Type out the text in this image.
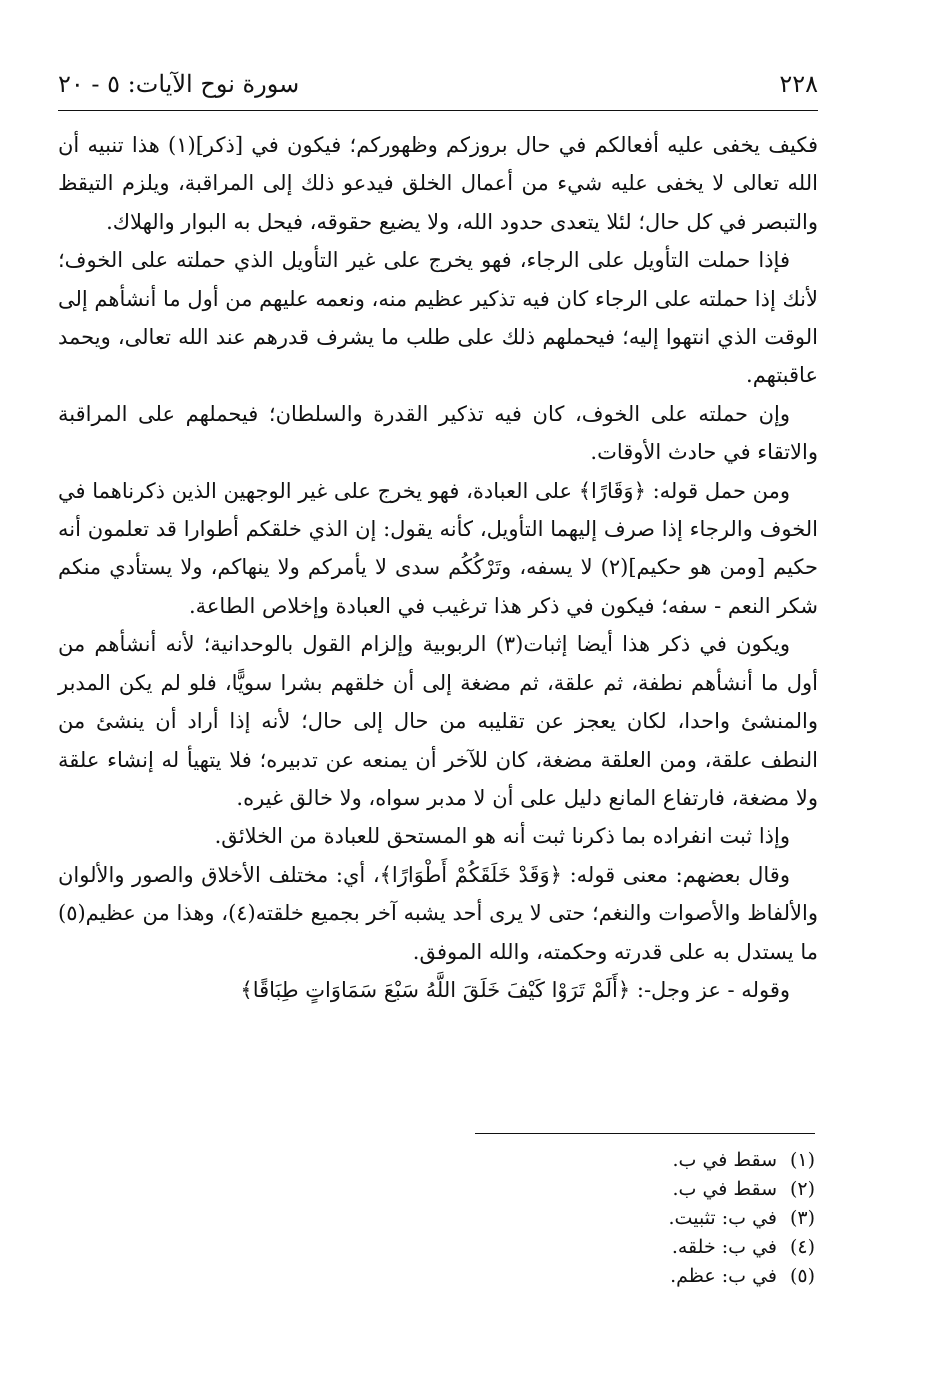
٢٢٨
سورة نوح الآيات: ٥ - ٢٠

فكيف يخفى عليه أفعالكم في حال بروزكم وظهوركم؛ فيكون في [ذكر](١) هذا تنبيه أن الله تعالى لا يخفى عليه شيء من أعمال الخلق فيدعو ذلك إلى المراقبة، ويلزم التيقظ والتبصر في كل حال؛ لئلا يتعدى حدود الله، ولا يضيع حقوقه، فيحل به البوار والهلاك.

فإذا حملت التأويل على الرجاء، فهو يخرج على غير التأويل الذي حملته على الخوف؛ لأنك إذا حملته على الرجاء كان فيه تذكير عظيم منه، ونعمه عليهم من أول ما أنشأهم إلى الوقت الذي انتهوا إليه؛ فيحملهم ذلك على طلب ما يشرف قدرهم عند الله تعالى، ويحمد عاقبتهم.

وإن حملته على الخوف، كان فيه تذكير القدرة والسلطان؛ فيحملهم على المراقبة والاتقاء في حادث الأوقات.

ومن حمل قوله: ﴿وَقَارًا﴾ على العبادة، فهو يخرج على غير الوجهين الذين ذكرناهما في الخوف والرجاء إذا صرف إليهما التأويل، كأنه يقول: إن الذي خلقكم أطوارا قد تعلمون أنه حكيم [ومن هو حكيم](٢) لا يسفه، وتَرْكُكُم سدى لا يأمركم ولا ينهاكم، ولا يستأدي منكم شكر النعم - سفه؛ فيكون في ذكر هذا ترغيب في العبادة وإخلاص الطاعة.

ويكون في ذكر هذا أيضا إثبات(٣) الربوبية وإلزام القول بالوحدانية؛ لأنه أنشأهم من أول ما أنشأهم نطفة، ثم علقة، ثم مضغة إلى أن خلقهم بشرا سويًّا، فلو لم يكن المدبر والمنشئ واحدا، لكان يعجز عن تقليبه من حال إلى حال؛ لأنه إذا أراد أن ينشئ من النطف علقة، ومن العلقة مضغة، كان للآخر أن يمنعه عن تدبيره؛ فلا يتهيأ له إنشاء علقة ولا مضغة، فارتفاع المانع دليل على أن لا مدبر سواه، ولا خالق غيره.

وإذا ثبت انفراده بما ذكرنا ثبت أنه هو المستحق للعبادة من الخلائق.

وقال بعضهم: معنى قوله: ﴿وَقَدْ خَلَقَكُمْ أَطْوَارًا﴾، أي: مختلف الأخلاق والصور والألوان والألفاظ والأصوات والنغم؛ حتى لا يرى أحد يشبه آخر بجميع خلقته(٤)، وهذا من عظيم(٥) ما يستدل به على قدرته وحكمته، والله الموفق.

وقوله - عز وجل-: ﴿أَلَمْ تَرَوْا كَيْفَ خَلَقَ اللَّهُ سَبْعَ سَمَاوَاتٍ طِبَاقًا﴾

(١)سقط في ب.
(٢)سقط في ب.
(٣)في ب: تثبيت.
(٤)في ب: خلقه.
(٥)في ب: عظم.
